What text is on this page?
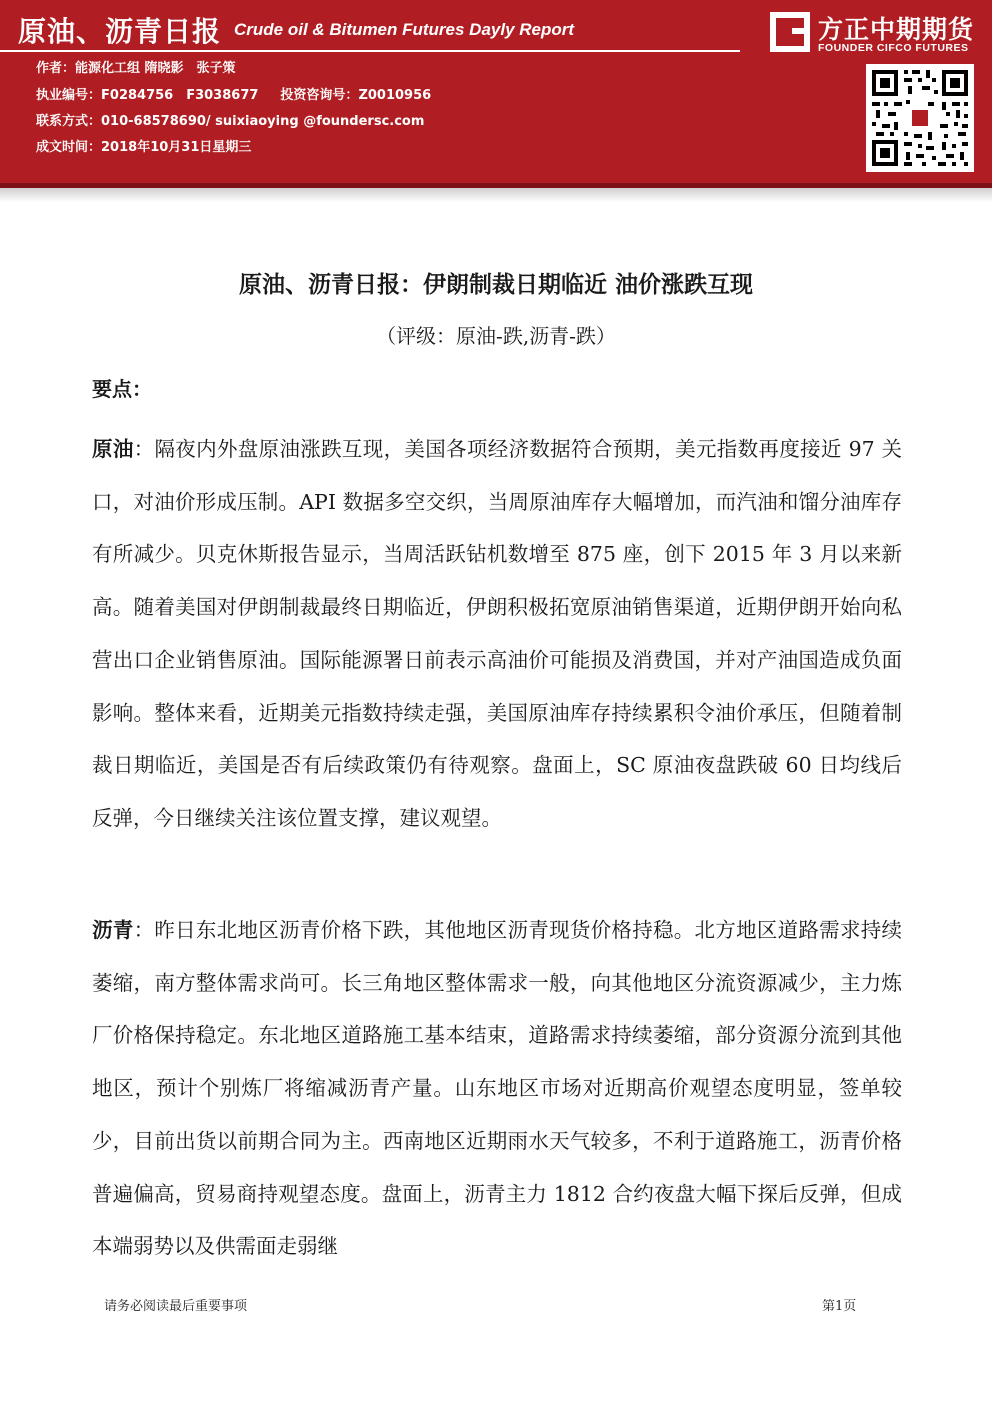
原油、沥青日报 Crude oil & Bitumen Futures Dayly Report
作者：能源化工组 隋晓影　张子策
执业编号：F0284756　F3038677 投资咨询号：Z0010956
联系方式：010-68578690/ suixiaoying @foundersc.com
成文时间：2018年10月31日星期三
方正中期期货
FOUNDER CIFCO FUTURES
原油、沥青日报：伊朗制裁日期临近 油价涨跌互现
（评级：原油-跌,沥青-跌）
要点：
原油：隔夜内外盘原油涨跌互现，美国各项经济数据符合预期，美元指数再度接近 97 关口，对油价形成压制。API 数据多空交织，当周原油库存大幅增加，而汽油和馏分油库存有所减少。贝克休斯报告显示，当周活跃钻机数增至 875 座，创下 2015 年 3 月以来新高。随着美国对伊朗制裁最终日期临近，伊朗积极拓宽原油销售渠道，近期伊朗开始向私营出口企业销售原油。国际能源署日前表示高油价可能损及消费国，并对产油国造成负面影响。整体来看，近期美元指数持续走强，美国原油库存持续累积令油价承压，但随着制裁日期临近，美国是否有后续政策仍有待观察。盘面上，SC 原油夜盘跌破 60 日均线后反弹，今日继续关注该位置支撑，建议观望。
沥青：昨日东北地区沥青价格下跌，其他地区沥青现货价格持稳。北方地区道路需求持续萎缩，南方整体需求尚可。长三角地区整体需求一般，向其他地区分流资源减少，主力炼厂价格保持稳定。东北地区道路施工基本结束，道路需求持续萎缩，部分资源分流到其他地区，预计个别炼厂将缩减沥青产量。山东地区市场对近期高价观望态度明显，签单较少，目前出货以前期合同为主。西南地区近期雨水天气较多，不利于道路施工，沥青价格普遍偏高，贸易商持观望态度。盘面上，沥青主力 1812 合约夜盘大幅下探后反弹，但成本端弱势以及供需面走弱继
请务必阅读最后重要事项	第1页
